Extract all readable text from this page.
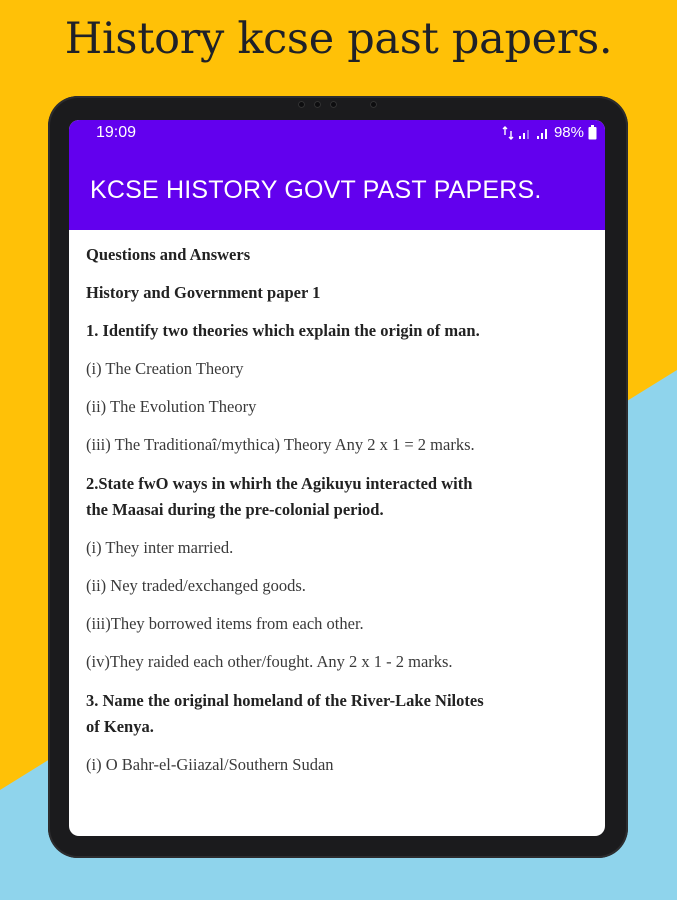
History kcse past papers.
19:09	98%
KCSE HISTORY GOVT PAST PAPERS.

Questions and Answers

History and Government paper 1

1. Identify two theories which explain the origin of man.

(i) The Creation Theory

(ii) The Evolution Theory

(iii) The Traditionaȋ/mythica) Theory Any 2 x 1 = 2 marks.

2.State fwO ways in whirh the Agikuyu interacted with

the Maasai during the pre-colonial period.

(i) They inter married.

(ii) Ney traded/exchanged goods.

(iii)They borrowed items from each other.

(iv)They raided each other/fought. Any 2 x 1 - 2 marks.

3. Name the original homeland of the River-Lake Nilotes

of Kenya.

(i) O Bahr-el-Giiazal/Southern Sudan
